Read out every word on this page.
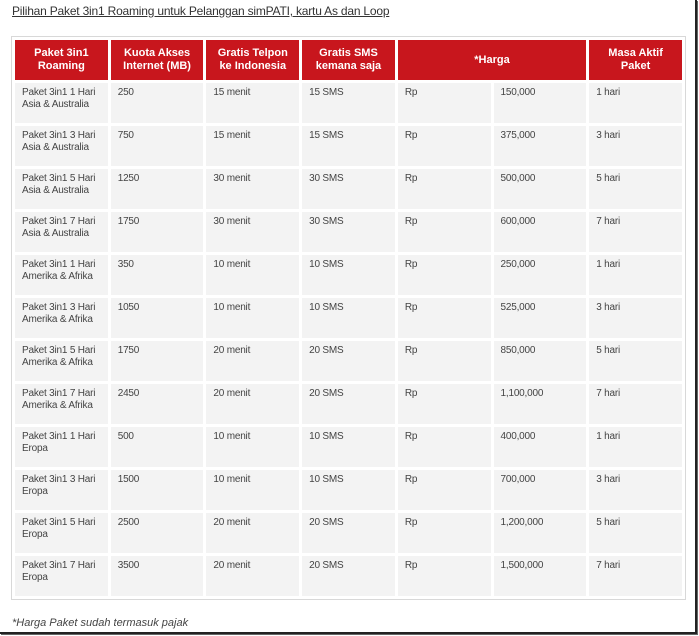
Pilihan Paket 3in1 Roaming untuk Pelanggan simPATI, kartu As dan Loop
Paket 3in1 Roaming	Kuota Akses Internet (MB)	Gratis Telpon ke Indonesia	Gratis SMS kemana saja	*Harga		Masa Aktif Paket
Paket 3in1 1 Hari Asia & Australia	250	15 menit	15 SMS	Rp	150,000	1 hari
Paket 3in1 3 Hari Asia & Australia	750	15 menit	15 SMS	Rp	375,000	3 hari
Paket 3in1 5 Hari Asia & Australia	1250	30 menit	30 SMS	Rp	500,000	5 hari
Paket 3in1 7 Hari Asia & Australia	1750	30 menit	30 SMS	Rp	600,000	7 hari
Paket 3in1 1 Hari Amerika & Afrika	350	10 menit	10 SMS	Rp	250,000	1 hari
Paket 3in1 3 Hari Amerika & Afrika	1050	10 menit	10 SMS	Rp	525,000	3 hari
Paket 3in1 5 Hari Amerika & Afrika	1750	20 menit	20 SMS	Rp	850,000	5 hari
Paket 3in1 7 Hari Amerika & Afrika	2450	20 menit	20 SMS	Rp	1,100,000	7 hari
Paket 3in1 1 Hari Eropa	500	10 menit	10 SMS	Rp	400,000	1 hari
Paket 3in1 3 Hari Eropa	1500	10 menit	10 SMS	Rp	700,000	3 hari
Paket 3in1 5 Hari Eropa	2500	20 menit	20 SMS	Rp	1,200,000	5 hari
Paket 3in1 7 Hari Eropa	3500	20 menit	20 SMS	Rp	1,500,000	7 hari
*Harga Paket sudah termasuk pajak
